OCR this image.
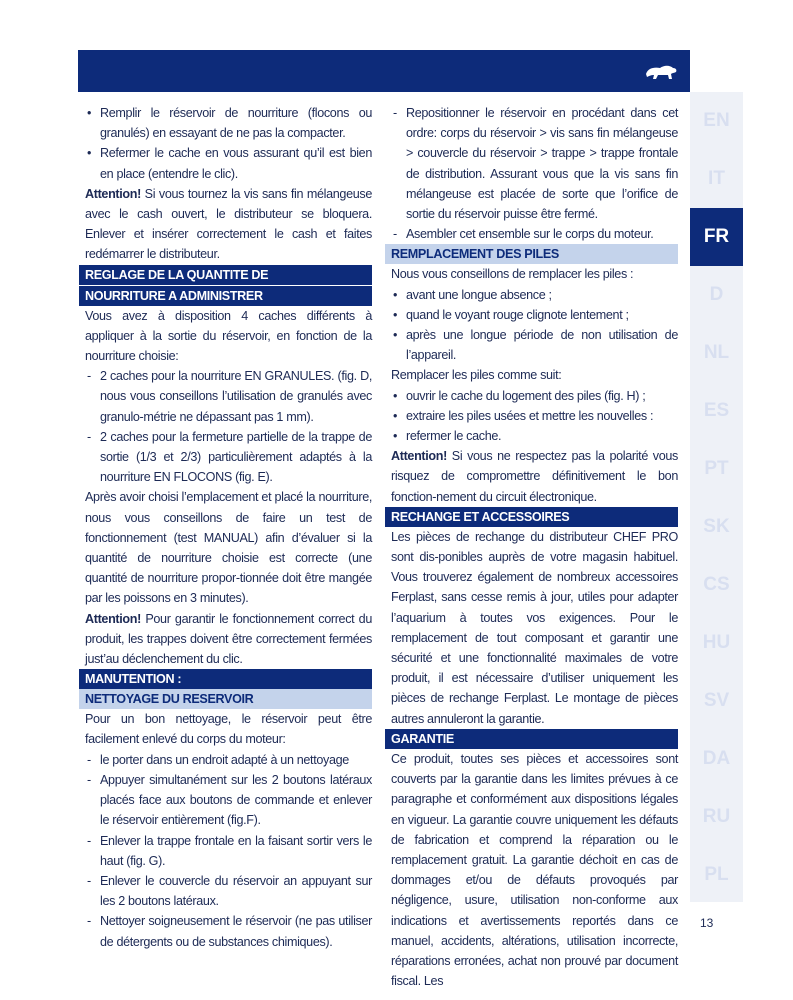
• Remplir le réservoir de nourriture (flocons ou granulés) en essayant de ne pas la compacter.

• Refermer le cache en vous assurant qu’il est bien en place (entendre le clic).

Attention! Si vous tournez la vis sans fin mélangeuse avec le cash ouvert, le distributeur se bloquera. Enlever et insérer correctement le cash et faites redémarrer le distributeur.

REGLAGE DE LA QUANTITE DE
NOURRITURE A ADMINISTRER

Vous avez à disposition 4 caches différents à appliquer à la sortie du réservoir, en fonction de la nourriture choisie:

- 2 caches pour la nourriture EN GRANULES. (fig. D, nous vous conseillons l’utilisation de granulés avec granulo-métrie ne dépassant pas 1 mm).

- 2 caches pour la fermeture partielle de la trappe de sortie (1/3 et 2/3) particulièrement adaptés à la nourriture EN FLOCONS (fig. E).

Après avoir choisi l’emplacement et placé la nourriture, nous vous conseillons de faire un test de fonctionnement (test MANUAL) afin d’évaluer si la quantité de nourriture choisie est correcte (une quantité de nourriture propor-tionnée doit être mangée par les poissons en 3 minutes).

Attention! Pour garantir le fonctionnement correct du produit, les trappes doivent être correctement fermées just’au déclenchement du clic.

MANUTENTION :
NETTOYAGE DU RESERVOIR

Pour un bon nettoyage, le réservoir peut être facilement enlevé du corps du moteur:

- le porter dans un endroit adapté à un nettoyage

- Appuyer simultanément sur les 2 boutons latéraux placés face aux boutons de commande et enlever le réservoir entièrement (fig.F).

- Enlever la trappe frontale en la faisant sortir vers le haut (fig. G).

- Enlever le couvercle du réservoir an appuyant sur les 2 boutons latéraux.

- Nettoyer soigneusement le réservoir (ne pas utiliser de détergents ou de substances chimiques).

- Repositionner le réservoir en procédant dans cet ordre: corps du réservoir > vis sans fin mélangeuse > couvercle du réservoir > trappe > trappe frontale de distribution. Assurant vous que la vis sans fin mélangeuse est placée de sorte que l’orifice de sortie du réservoir puisse être fermé.

- Asembler cet ensemble sur le corps du moteur.

REMPLACEMENT DES PILES

Nous vous conseillons de remplacer les piles :

• avant une longue absence ;

• quand le voyant rouge clignote lentement ;

• après une longue période de non utilisation de l’appareil.

Remplacer les piles comme suit:

• ouvrir le cache du logement des piles (fig. H) ;

• extraire les piles usées et mettre les nouvelles :

• refermer le cache.

Attention! Si vous ne respectez pas la polarité vous risquez de compromettre définitivement le bon fonction-nement du circuit électronique.

RECHANGE ET ACCESSOIRES

Les pièces de rechange du distributeur CHEF PRO sont dis-ponibles auprès de votre magasin habituel. Vous trouverez également de nombreux accessoires Ferplast, sans cesse remis à jour, utiles pour adapter l’aquarium à toutes vos exigences. Pour le remplacement de tout composant et garantir une sécurité et une fonctionnalité maximales de votre produit, il est nécessaire d’utiliser uniquement les pièces de rechange Ferplast. Le montage de pièces autres annuleront la garantie.

GARANTIE

Ce produit, toutes ses pièces et accessoires sont couverts par la garantie dans les limites prévues à ce paragraphe et conformément aux dispositions légales en vigueur. La garantie couvre uniquement les défauts de fabrication et comprend la réparation ou le remplacement gratuit. La garantie déchoit en cas de dommages et/ou de défauts provoqués par négligence, usure, utilisation non-conforme aux indications et avertissements reportés dans ce manuel, accidents, altérations, utilisation incorrecte, réparations erronées, achat non prouvé par document fiscal. Les

EN
IT
FR
D
NL
ES
PT
SK
CS
HU
SV
DA
RU
PL
13
